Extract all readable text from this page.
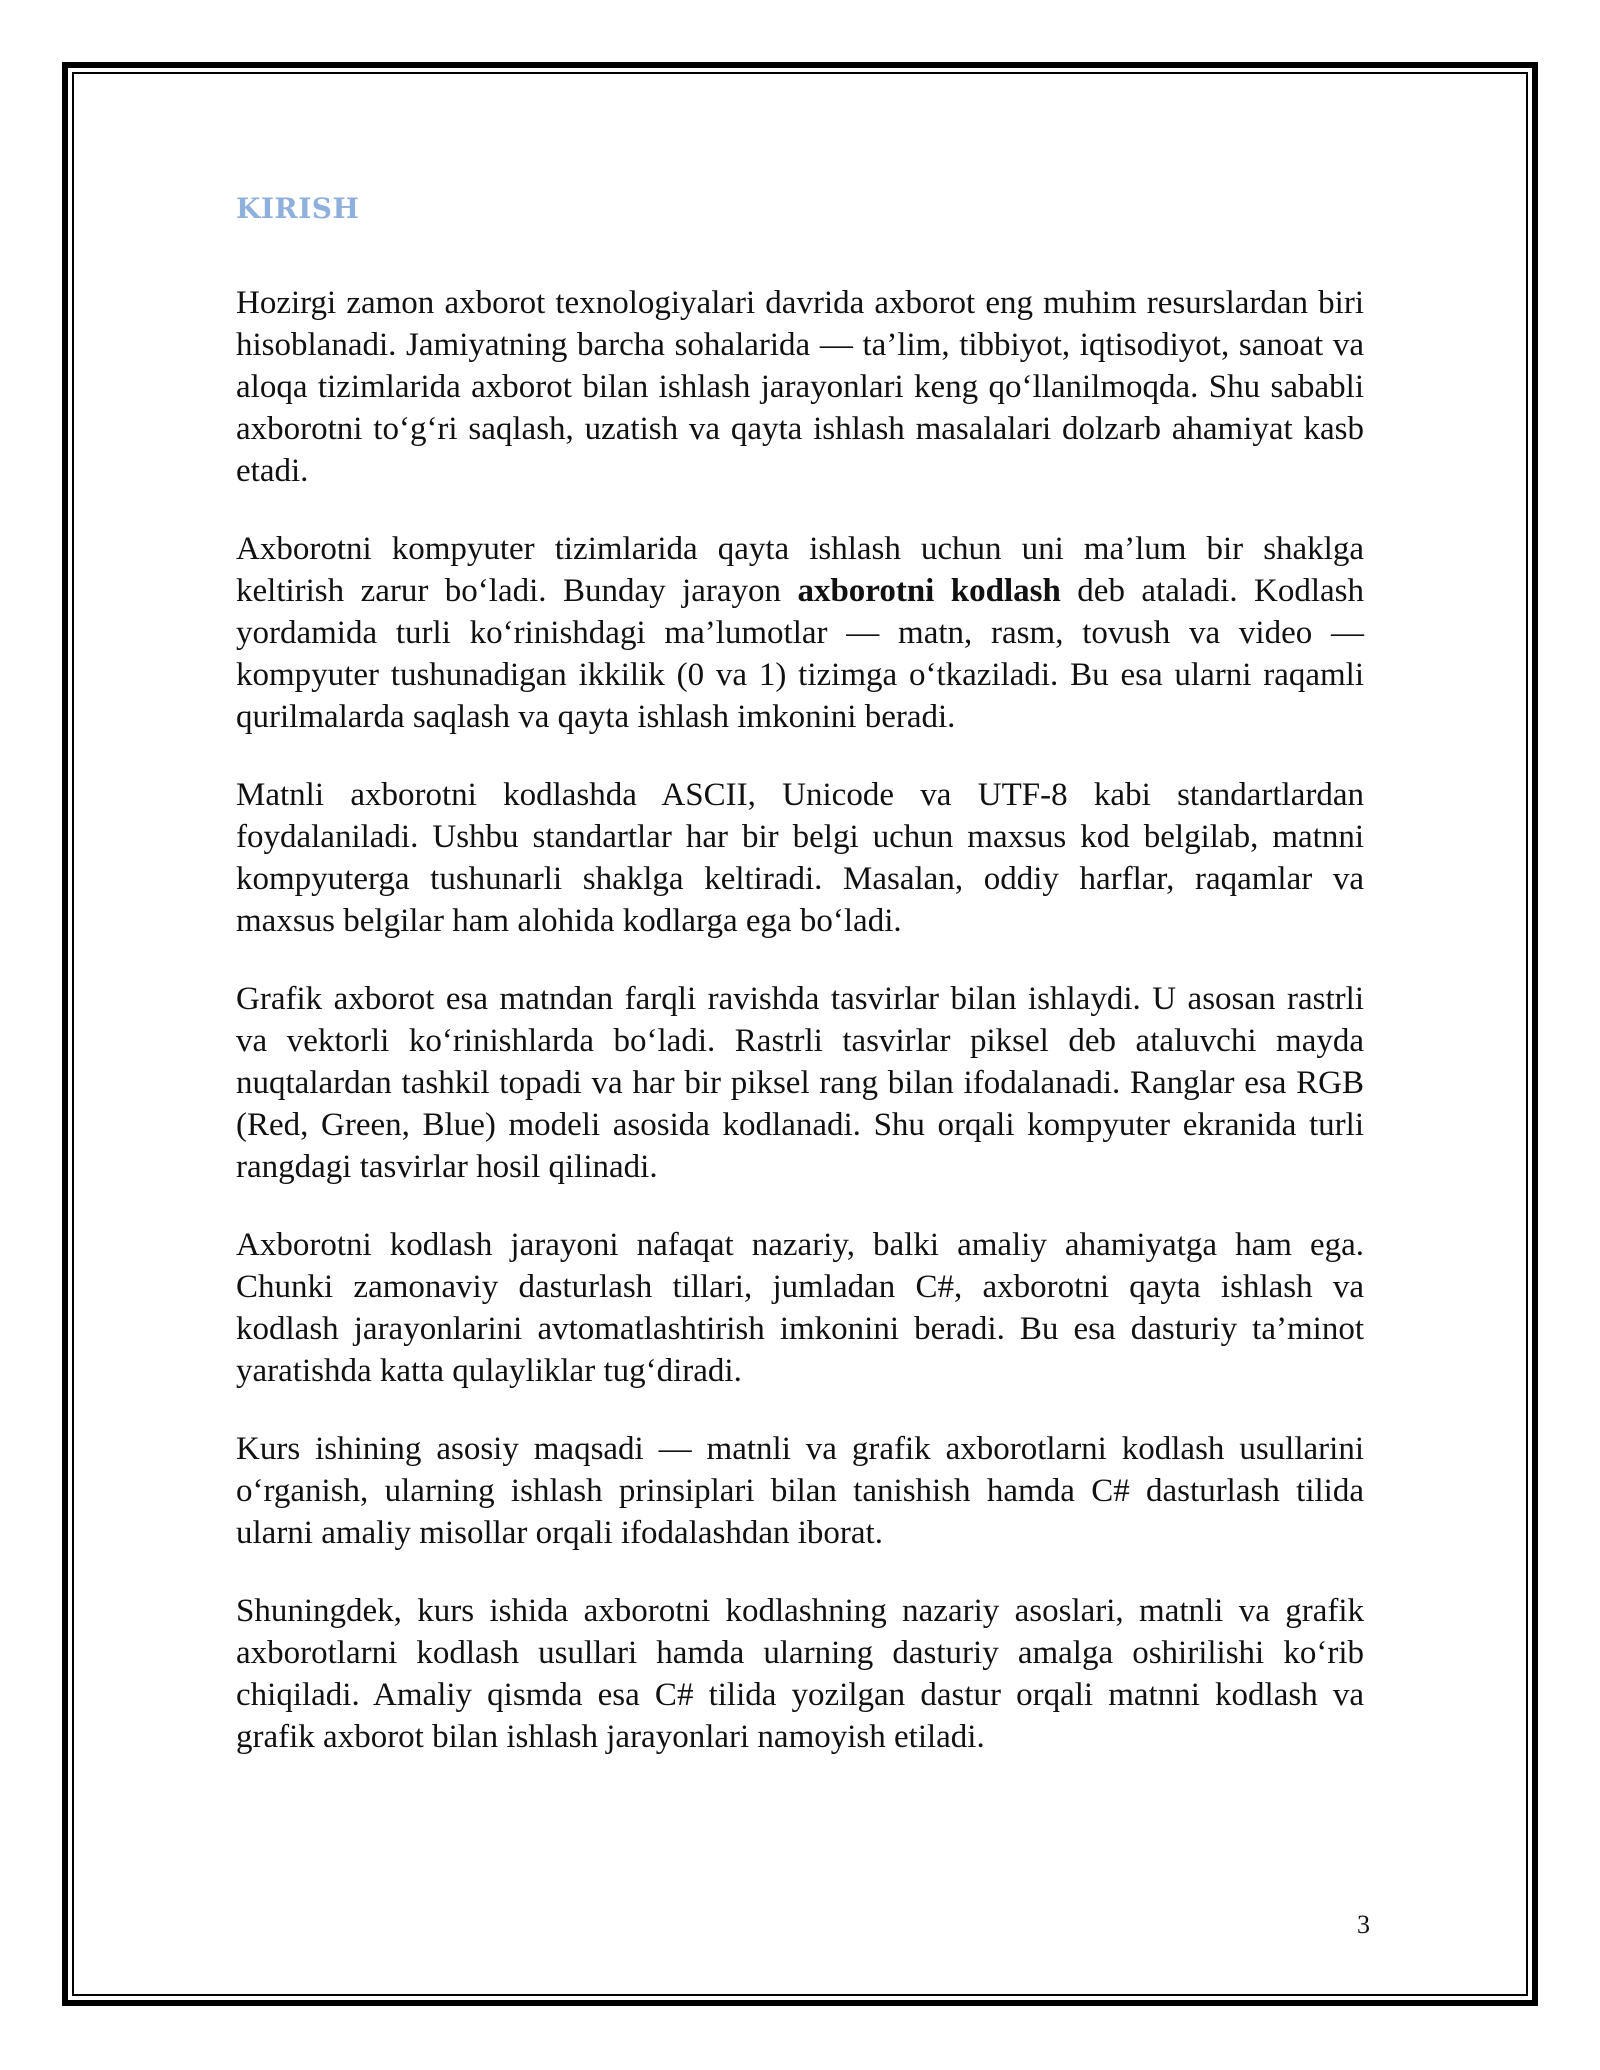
KIRISH

Hozirgi zamon axborot texnologiyalari davrida axborot eng muhim resurslardan biri hisoblanadi. Jamiyatning barcha sohalarida — ta’lim, tibbiyot, iqtisodiyot, sanoat va aloqa tizimlarida axborot bilan ishlash jarayonlari keng qo‘llanilmoqda. Shu sababli axborotni to‘g‘ri saqlash, uzatish va qayta ishlash masalalari dolzarb ahamiyat kasb etadi.

Axborotni kompyuter tizimlarida qayta ishlash uchun uni ma’lum bir shaklga keltirish zarur bo‘ladi. Bunday jarayon axborotni kodlash deb ataladi. Kodlash yordamida turli ko‘rinishdagi ma’lumotlar — matn, rasm, tovush va video — kompyuter tushunadigan ikkilik (0 va 1) tizimga o‘tkaziladi. Bu esa ularni raqamli qurilmalarda saqlash va qayta ishlash imkonini beradi.

Matnli axborotni kodlashda ASCII, Unicode va UTF-8 kabi standartlardan foydalaniladi. Ushbu standartlar har bir belgi uchun maxsus kod belgilab, matnni kompyuterga tushunarli shaklga keltiradi. Masalan, oddiy harflar, raqamlar va maxsus belgilar ham alohida kodlarga ega bo‘ladi.

Grafik axborot esa matndan farqli ravishda tasvirlar bilan ishlaydi. U asosan rastrli va vektorli ko‘rinishlarda bo‘ladi. Rastrli tasvirlar piksel deb ataluvchi mayda nuqtalardan tashkil topadi va har bir piksel rang bilan ifodalanadi. Ranglar esa RGB (Red, Green, Blue) modeli asosida kodlanadi. Shu orqali kompyuter ekranida turli rangdagi tasvirlar hosil qilinadi.

Axborotni kodlash jarayoni nafaqat nazariy, balki amaliy ahamiyatga ham ega. Chunki zamonaviy dasturlash tillari, jumladan C#, axborotni qayta ishlash va kodlash jarayonlarini avtomatlashtirish imkonini beradi. Bu esa dasturiy ta’minot yaratishda katta qulayliklar tug‘diradi.

Kurs ishining asosiy maqsadi — matnli va grafik axborotlarni kodlash usullarini o‘rganish, ularning ishlash prinsiplari bilan tanishish hamda C# dasturlash tilida ularni amaliy misollar orqali ifodalashdan iborat.

Shuningdek, kurs ishida axborotni kodlashning nazariy asoslari, matnli va grafik axborotlarni kodlash usullari hamda ularning dasturiy amalga oshirilishi ko‘rib chiqiladi. Amaliy qismda esa C# tilida yozilgan dastur orqali matnni kodlash va grafik axborot bilan ishlash jarayonlari namoyish etiladi.

3
